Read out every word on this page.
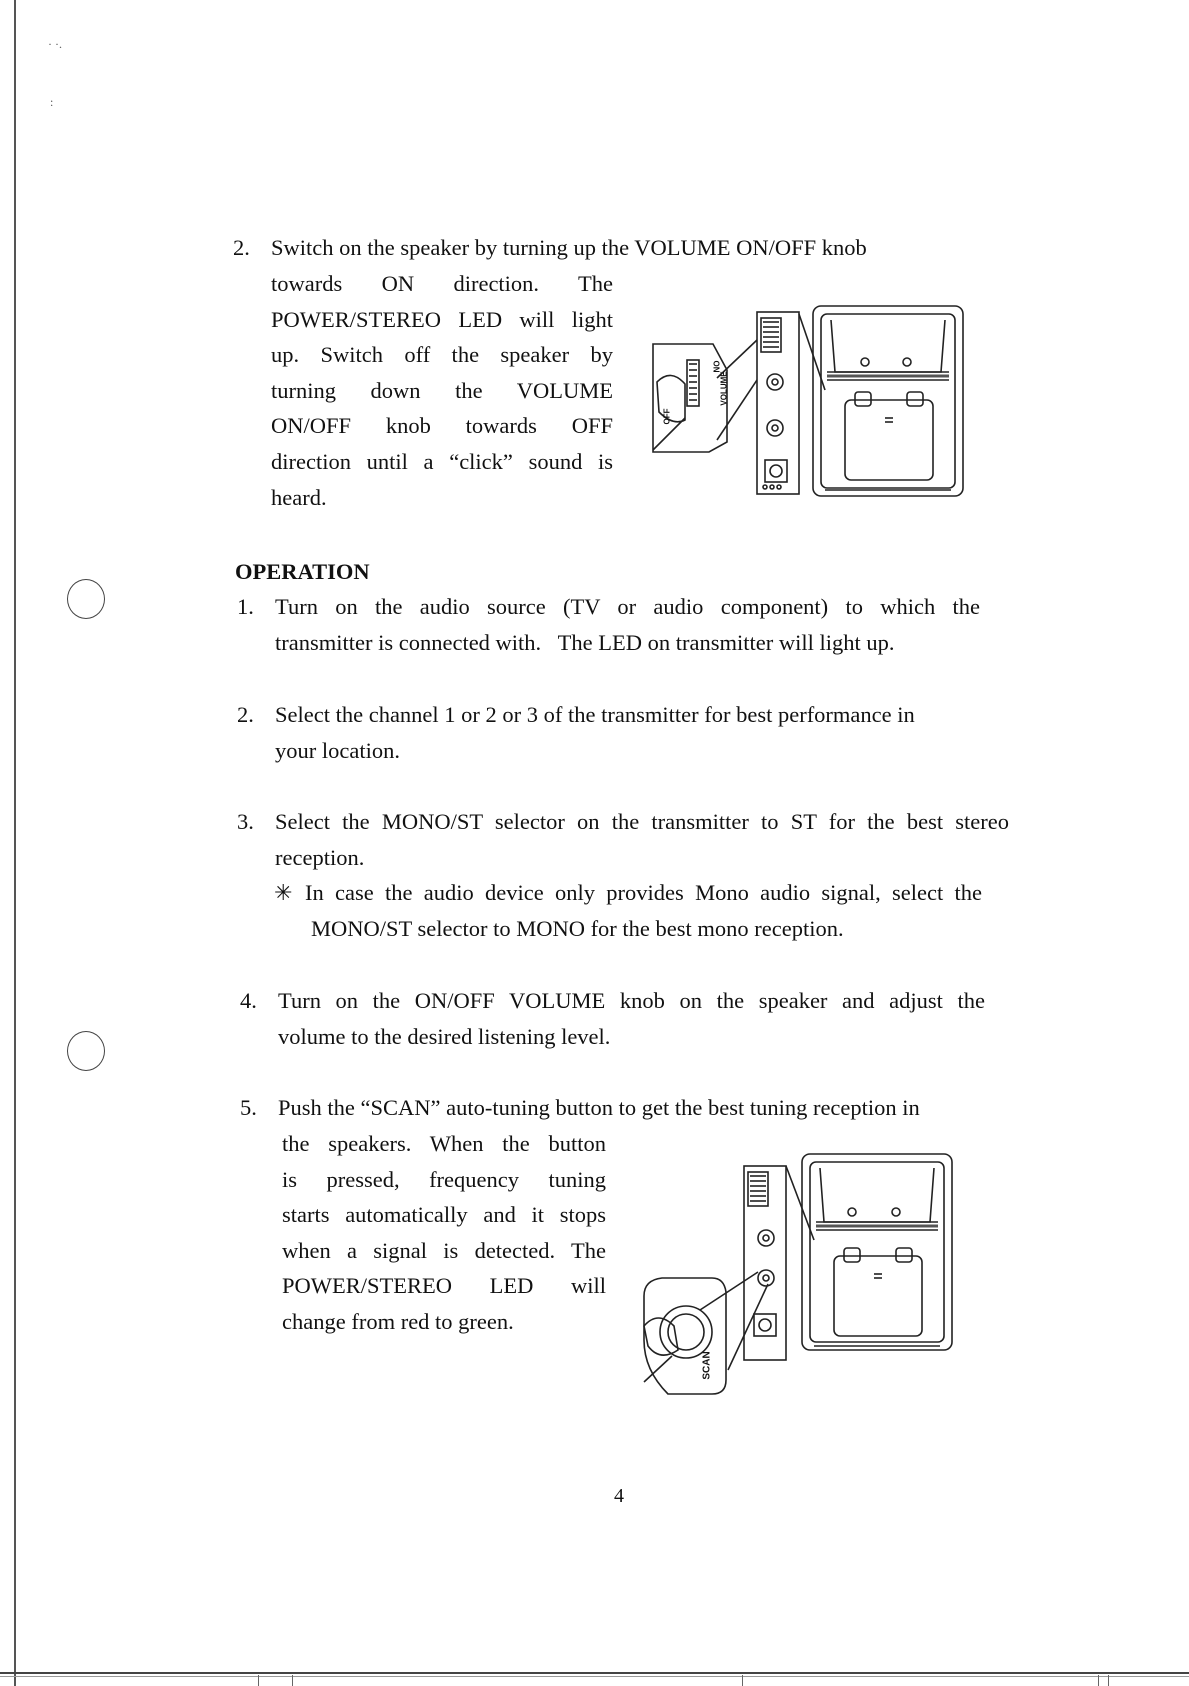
· ·.
:
2. Switch on the speaker by turning up the VOLUME ON/OFF knob

towards ON direction. The

POWER/STEREO LED will light

up. Switch off the speaker by

turning down the VOLUME

ON/OFF knob towards OFF

direction until a “click” sound is

heard.

ON
VOLUME
OFF
OPERATION
1. Turn on the audio source (TV or audio component) to which the

transmitter is connected with.   The LED on transmitter will light up.

2. Select the channel 1 or 2 or 3 of the transmitter for best performance in

your location.

3. Select the MONO/ST selector on the transmitter to ST for the best stereo

reception.

✳ In case the audio device only provides Mono audio signal, select the

MONO/ST selector to MONO for the best mono reception.

4. Turn on the ON/OFF VOLUME knob on the speaker and adjust the

volume to the desired listening level.

5. Push the “SCAN” auto-tuning button to get the best tuning reception in

the speakers. When the button

is pressed, frequency tuning

starts automatically and it stops

when a signal is detected. The

POWER/STEREO LED will

change from red to green.

SCAN
4
